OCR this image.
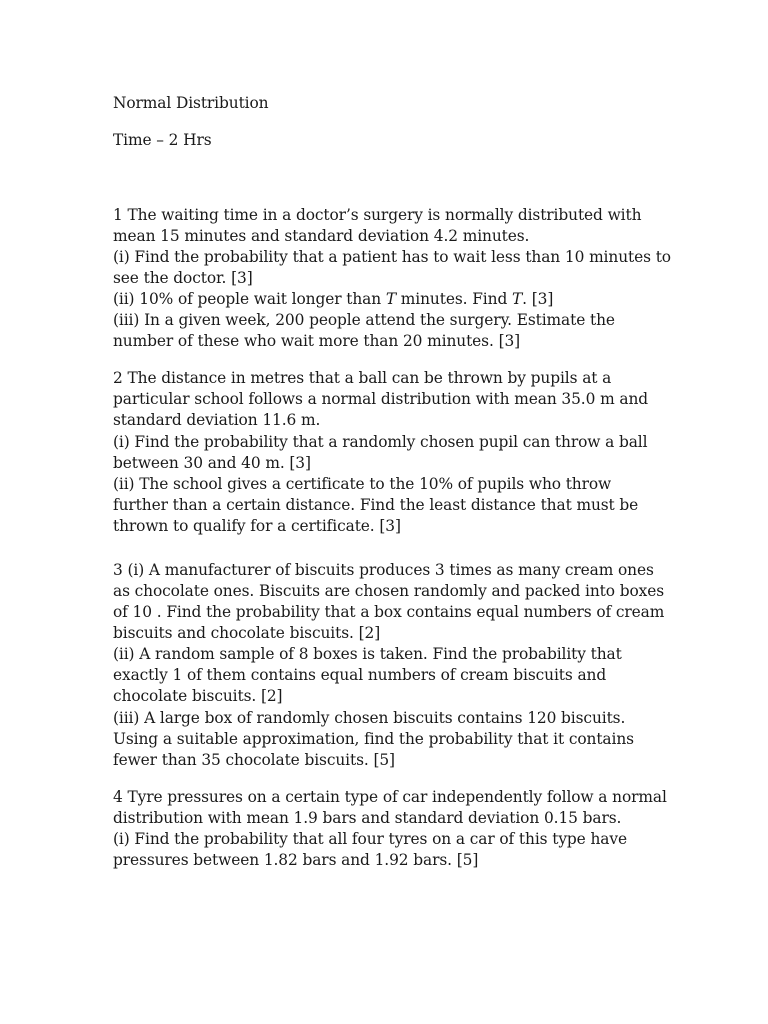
Normal Distribution
Time – 2 Hrs
1 The waiting time in a doctor’s surgery is normally distributed with
mean 15 minutes and standard deviation 4.2 minutes.
(i) Find the probability that a patient has to wait less than 10 minutes to
see the doctor. [3]
(ii) 10% of people wait longer than T minutes. Find T. [3]
(iii) In a given week, 200 people attend the surgery. Estimate the
number of these who wait more than 20 minutes. [3]
2 The distance in metres that a ball can be thrown by pupils at a
particular school follows a normal distribution with mean 35.0 m and
standard deviation 11.6 m.
(i) Find the probability that a randomly chosen pupil can throw a ball
between 30 and 40 m. [3]
(ii) The school gives a certificate to the 10% of pupils who throw
further than a certain distance. Find the least distance that must be
thrown to qualify for a certificate. [3]
3 (i) A manufacturer of biscuits produces 3 times as many cream ones
as chocolate ones. Biscuits are chosen randomly and packed into boxes
of 10 . Find the probability that a box contains equal numbers of cream
biscuits and chocolate biscuits. [2]
(ii) A random sample of 8 boxes is taken. Find the probability that
exactly 1 of them contains equal numbers of cream biscuits and
chocolate biscuits. [2]
(iii) A large box of randomly chosen biscuits contains 120 biscuits.
Using a suitable approximation, find the probability that it contains
fewer than 35 chocolate biscuits. [5]
4 Tyre pressures on a certain type of car independently follow a normal
distribution with mean 1.9 bars and standard deviation 0.15 bars.
(i) Find the probability that all four tyres on a car of this type have
pressures between 1.82 bars and 1.92 bars. [5]
